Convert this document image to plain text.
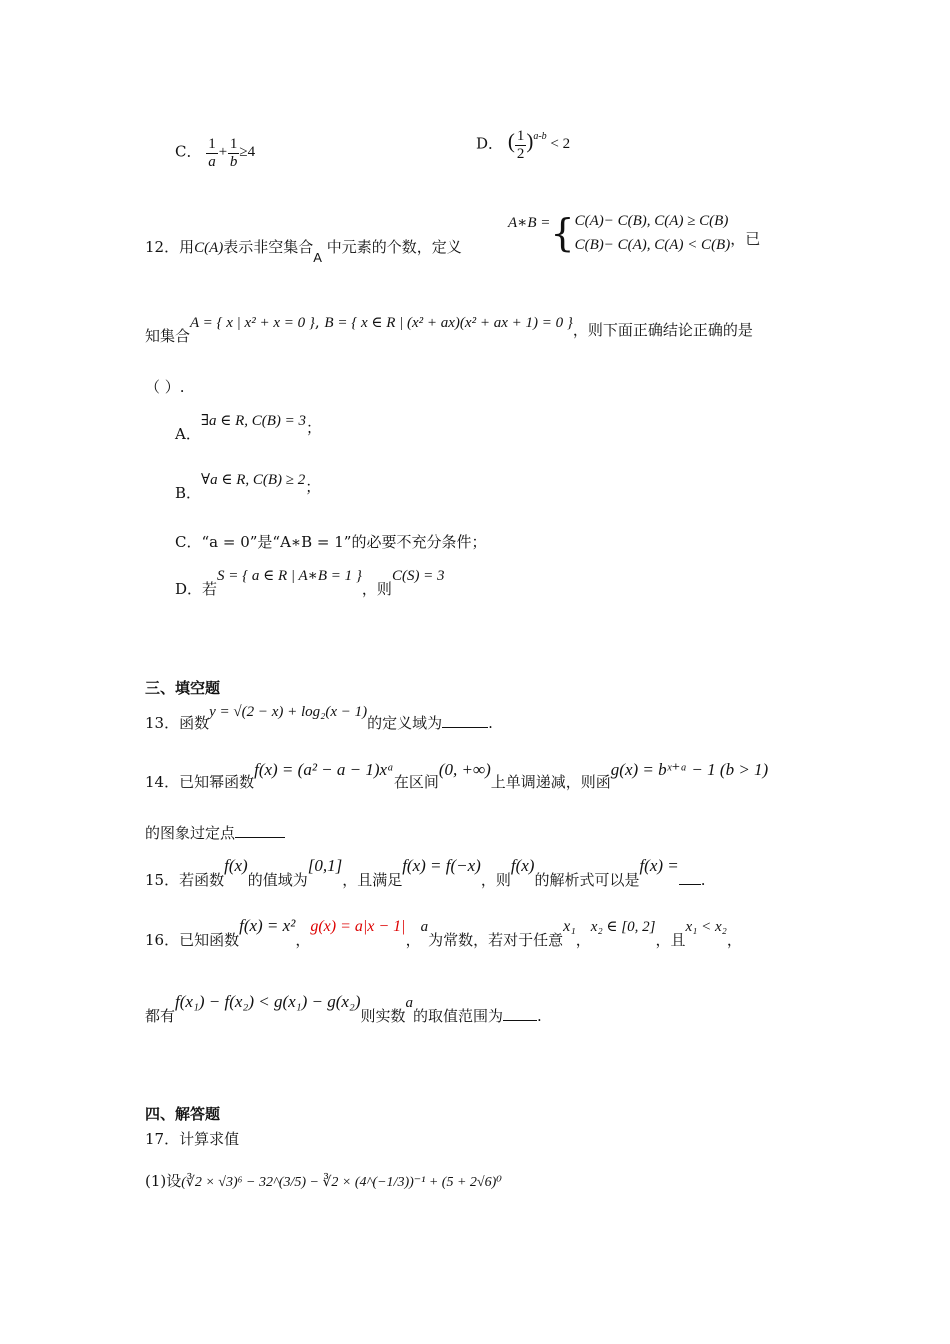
C． $\frac{1}{a} + \frac{1}{b} \ge 4$	D． ( $\frac{1}{2} )^{a-b} < 2$
12．用C(A)表示非空集合A 中元素的个数，定义
A∗B = { C(A)− C(B), C(A) ≥ C(B)
C(B)− C(A), C(A) < C(B) ，已
知集合A = { x | x² + x = 0 }, B = { x ∈ R | (x² + ax)(x² + ax + 1) = 0 }，则下面正确结论正确的是
（ ）.
A．∃a ∈ R, C(B) = 3；
B．∀a ∈ R, C(B) ≥ 2；
C．“a = 0”是“A∗B = 1”的必要不充分条件；
D．若S = { a ∈ R | A∗B = 1 }，则C(S) = 3
三、填空题
13．函数y = √(2 − x) + log₂(x − 1)的定义域为	.
14．已知幂函数f(x) = (a² − a − 1)xᵃ在区间(0, +∞)上单调递减，则函g(x) = bˣ⁺ᵃ − 1 (b > 1)
的图象过定点
15．若函数f(x)的值域为[0,1]，且满足f(x) = f(−x)，则f(x)的解析式可以是f(x) =.
16．已知函数f(x) = x²，g(x) = a|x − 1|，a为常数，若对于任意x₁，x₂ ∈ [0, 2]，且x₁ < x₂，
都有f(x₁) − f(x₂) < g(x₁) − g(x₂)则实数a的取值范围为 .
四、解答题
17．计算求值
(1)设(∛2 × √3)⁶ − 32^(3/5) − ∛2 × (4^(−1/3))⁻¹ + (5 + 2√6)⁰
